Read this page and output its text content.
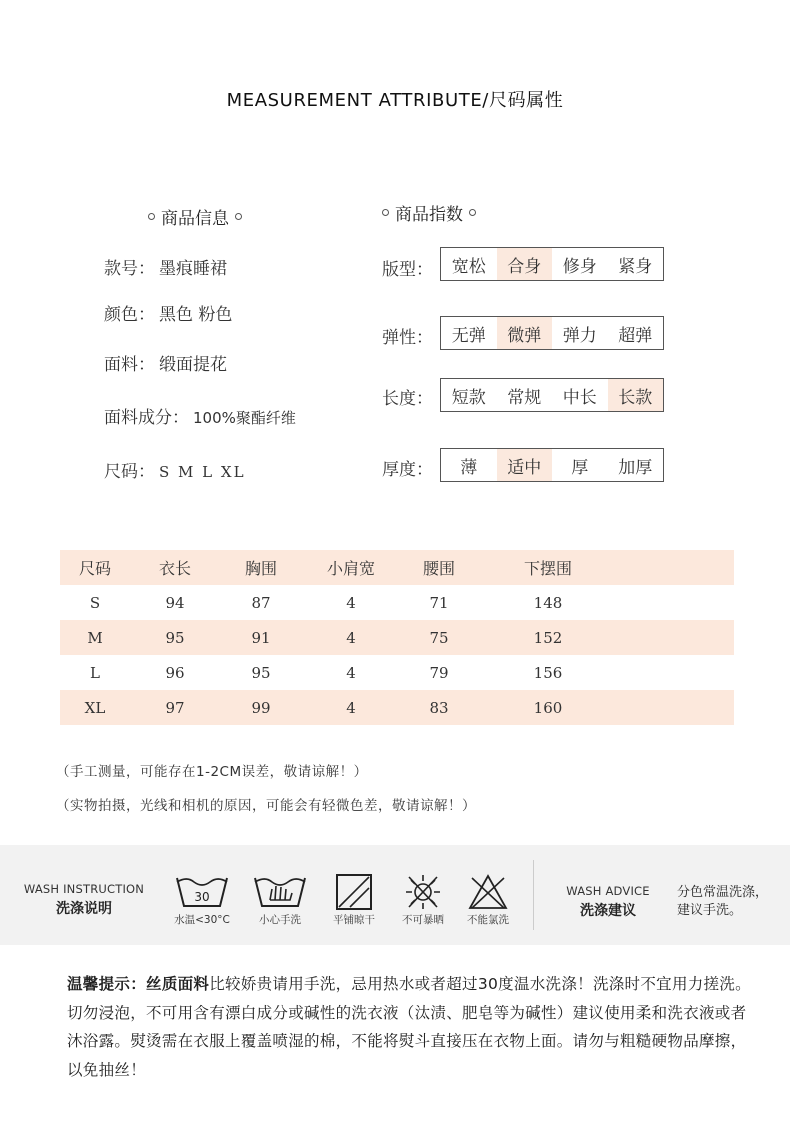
MEASUREMENT ATTRIBUTE/尺码属性
商品信息
款号： 墨痕睡裙
颜色： 黑色 粉色
面料： 缎面提花
面料成分： 100%聚酯纤维
尺码： S M L XL
商品指数
版型：	宽松	合身	修身	紧身
弹性：	无弹	微弹	弹力	超弹
长度：	短款	常规	中长	长款
厚度：	薄	适中	厚	加厚
尺码	衣长	胸围	小肩宽	腰围	下摆围
S	94	87	4	71	148
M	95	91	4	75	152
L	96	95	4	79	156
XL	97	99	4	83	160
（手工测量，可能存在1-2CM误差，敬请谅解！）
（实物拍摄，光线和相机的原因，可能会有轻微色差，敬请谅解！）
WASH INSTRUCTION
洗涤说明
30
水温<30°C	小心手洗	平铺晾干	不可暴晒	不能氯洗
WASH ADVICE
洗涤建议
分色常温洗涤，
建议手洗。
温馨提示：丝质面料比较娇贵请用手洗，忌用热水或者超过30度温水洗涤！洗涤时不宜用力搓洗。切勿浸泡，不可用含有漂白成分或碱性的洗衣液（汰渍、肥皂等为碱性）建议使用柔和洗衣液或者沐浴露。熨烫需在衣服上覆盖喷湿的棉，不能将熨斗直接压在衣物上面。请勿与粗糙硬物品摩擦，以免抽丝！
